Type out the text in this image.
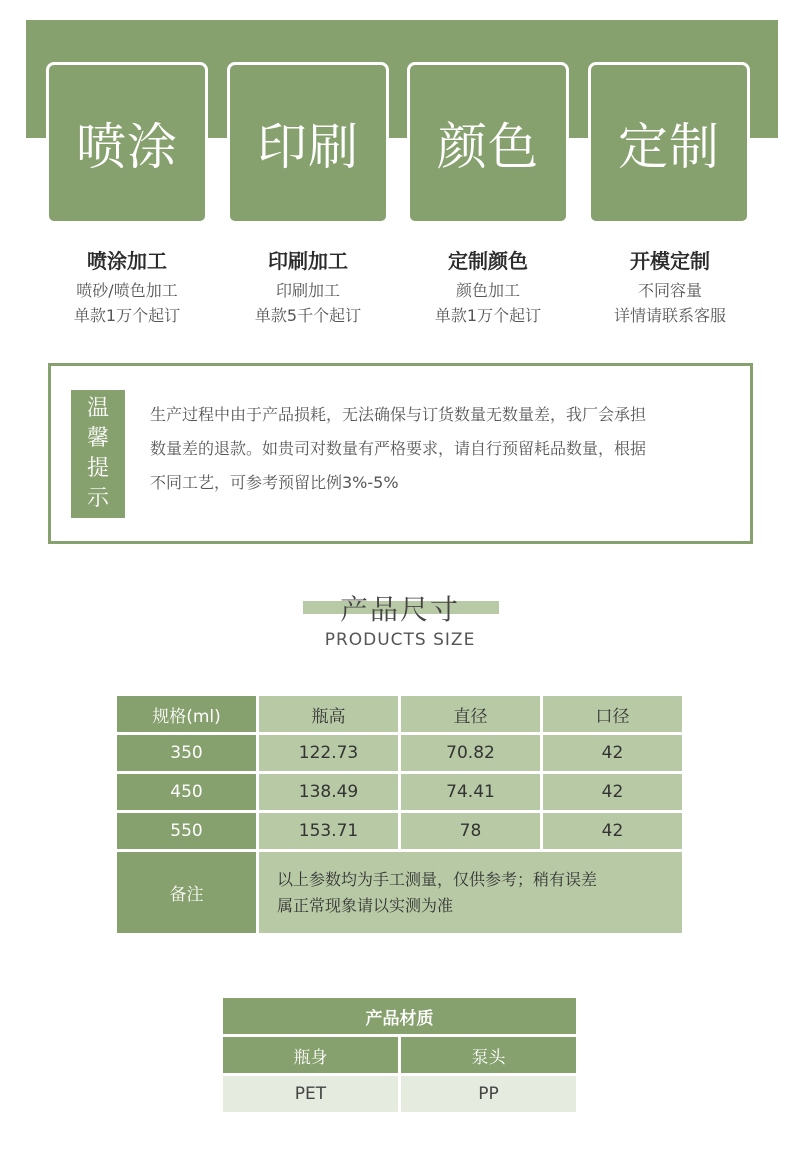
喷涂 印刷 颜色 定制
喷涂加工
喷砂/喷色加工
单款1万个起订
印刷加工
印刷加工
单款5千个起订
定制颜色
颜色加工
单款1万个起订
开模定制
不同容量
详情请联系客服
温
馨
提
示
生产过程中由于产品损耗，无法确保与订货数量无数量差，我厂会承担
数量差的退款。如贵司对数量有严格要求，请自行预留耗品数量，根据
不同工艺，可参考预留比例3%-5%
产品尺寸
PRODUCTS SIZE
规格(ml)	瓶高	直径	口径
350	122.73	70.82	42
450	138.49	74.41	42
550	153.71	78	42
备注
以上参数均为手工测量，仅供参考；稍有误差
属正常现象请以实测为准
产品材质
瓶身	泵头
PET	PP
